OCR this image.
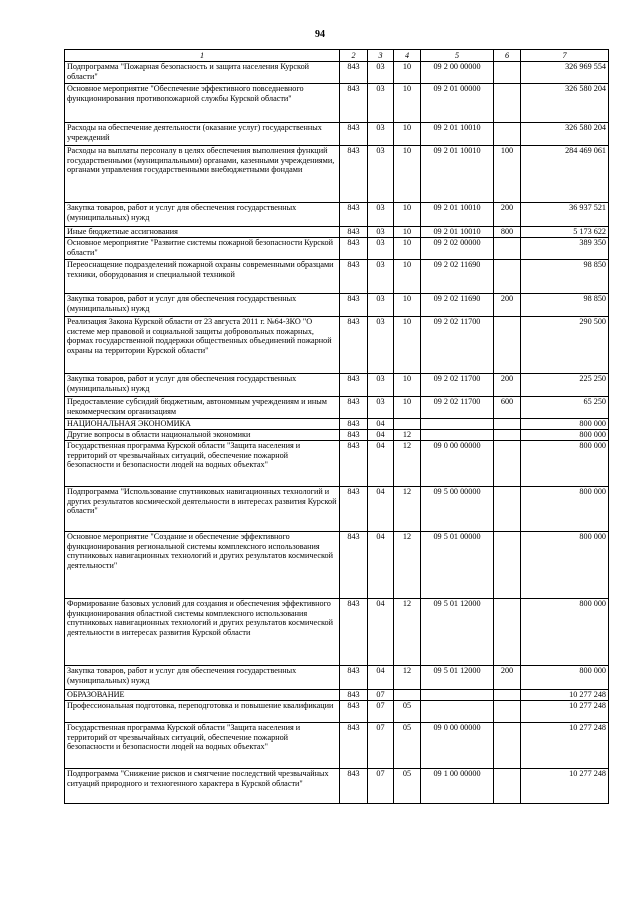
94
1	2	3	4	5	6	7
Подпрограмма "Пожарная безопасность и защита населения Курской области"	843	03	10	09 2 00 00000		326 969 554
Основное мероприятие "Обеспечение эффективного повседневного функционирования противопожарной службы Курской области"	843	03	10	09 2 01 00000		326 580 204
Расходы на обеспечение деятельности (оказание услуг) государственных учреждений	843	03	10	09 2 01 10010		326 580 204
Расходы на выплаты персоналу в целях обеспечения выполнения функций государственными (муниципальными) органами, казенными учреждениями, органами управления государственными внебюджетными фондами	843	03	10	09 2 01 10010	100	284 469 061
Закупка товаров, работ и услуг для обеспечения государственных (муниципальных) нужд	843	03	10	09 2 01 10010	200	36 937 521
Иные бюджетные ассигнования	843	03	10	09 2 01 10010	800	5 173 622
Основное мероприятие "Развитие системы пожарной безопасности Курской области"	843	03	10	09 2 02 00000		389 350
Переоснащение подразделений пожарной охраны современными образцами техники, оборудования и специальной техникой	843	03	10	09 2 02 11690		98 850
Закупка товаров, работ и услуг для обеспечения государственных (муниципальных) нужд	843	03	10	09 2 02 11690	200	98 850
Реализация Закона Курской области от 23 августа 2011 г. №64-ЗКО "О системе мер правовой и социальной защиты добровольных пожарных, формах государственной поддержки общественных объединений пожарной охраны на территории Курской области"	843	03	10	09 2 02 11700		290 500
Закупка товаров, работ и услуг для обеспечения государственных (муниципальных) нужд	843	03	10	09 2 02 11700	200	225 250
Предоставление субсидий бюджетным, автономным учреждениям и иным некоммерческим организациям	843	03	10	09 2 02 11700	600	65 250
НАЦИОНАЛЬНАЯ ЭКОНОМИКА	843	04				800 000
Другие вопросы в области национальной экономики	843	04	12			800 000
Государственная программа Курской области "Защита населения и территорий от чрезвычайных ситуаций, обеспечение пожарной безопасности и безопасности людей на водных объектах"	843	04	12	09 0 00 00000		800 000
Подпрограмма "Использование спутниковых навигационных технологий и других результатов космической деятельности в интересах развития Курской области"	843	04	12	09 5 00 00000		800 000
Основное мероприятие "Создание и обеспечение эффективного функционирования региональной системы комплексного использования спутниковых навигационных технологий и других результатов космической деятельности"	843	04	12	09 5 01 00000		800 000
Формирование базовых условий для создания и обеспечения эффективного функционирования областной системы комплексного использования спутниковых навигационных технологий и других результатов космической деятельности в интересах развития Курской области	843	04	12	09 5 01 12000		800 000
Закупка товаров, работ и услуг для обеспечения государственных (муниципальных) нужд	843	04	12	09 5 01 12000	200	800 000
ОБРАЗОВАНИЕ	843	07				10 277 248
Профессиональная подготовка, переподготовка и повышение квалификации	843	07	05			10 277 248
Государственная программа Курской области "Защита населения и территорий от чрезвычайных ситуаций, обеспечение пожарной безопасности и безопасности людей на водных объектах"	843	07	05	09 0 00 00000		10 277 248
Подпрограмма "Снижение рисков и смягчение последствий чрезвычайных ситуаций природного и техногенного характера в Курской области"	843	07	05	09 1 00 00000		10 277 248
